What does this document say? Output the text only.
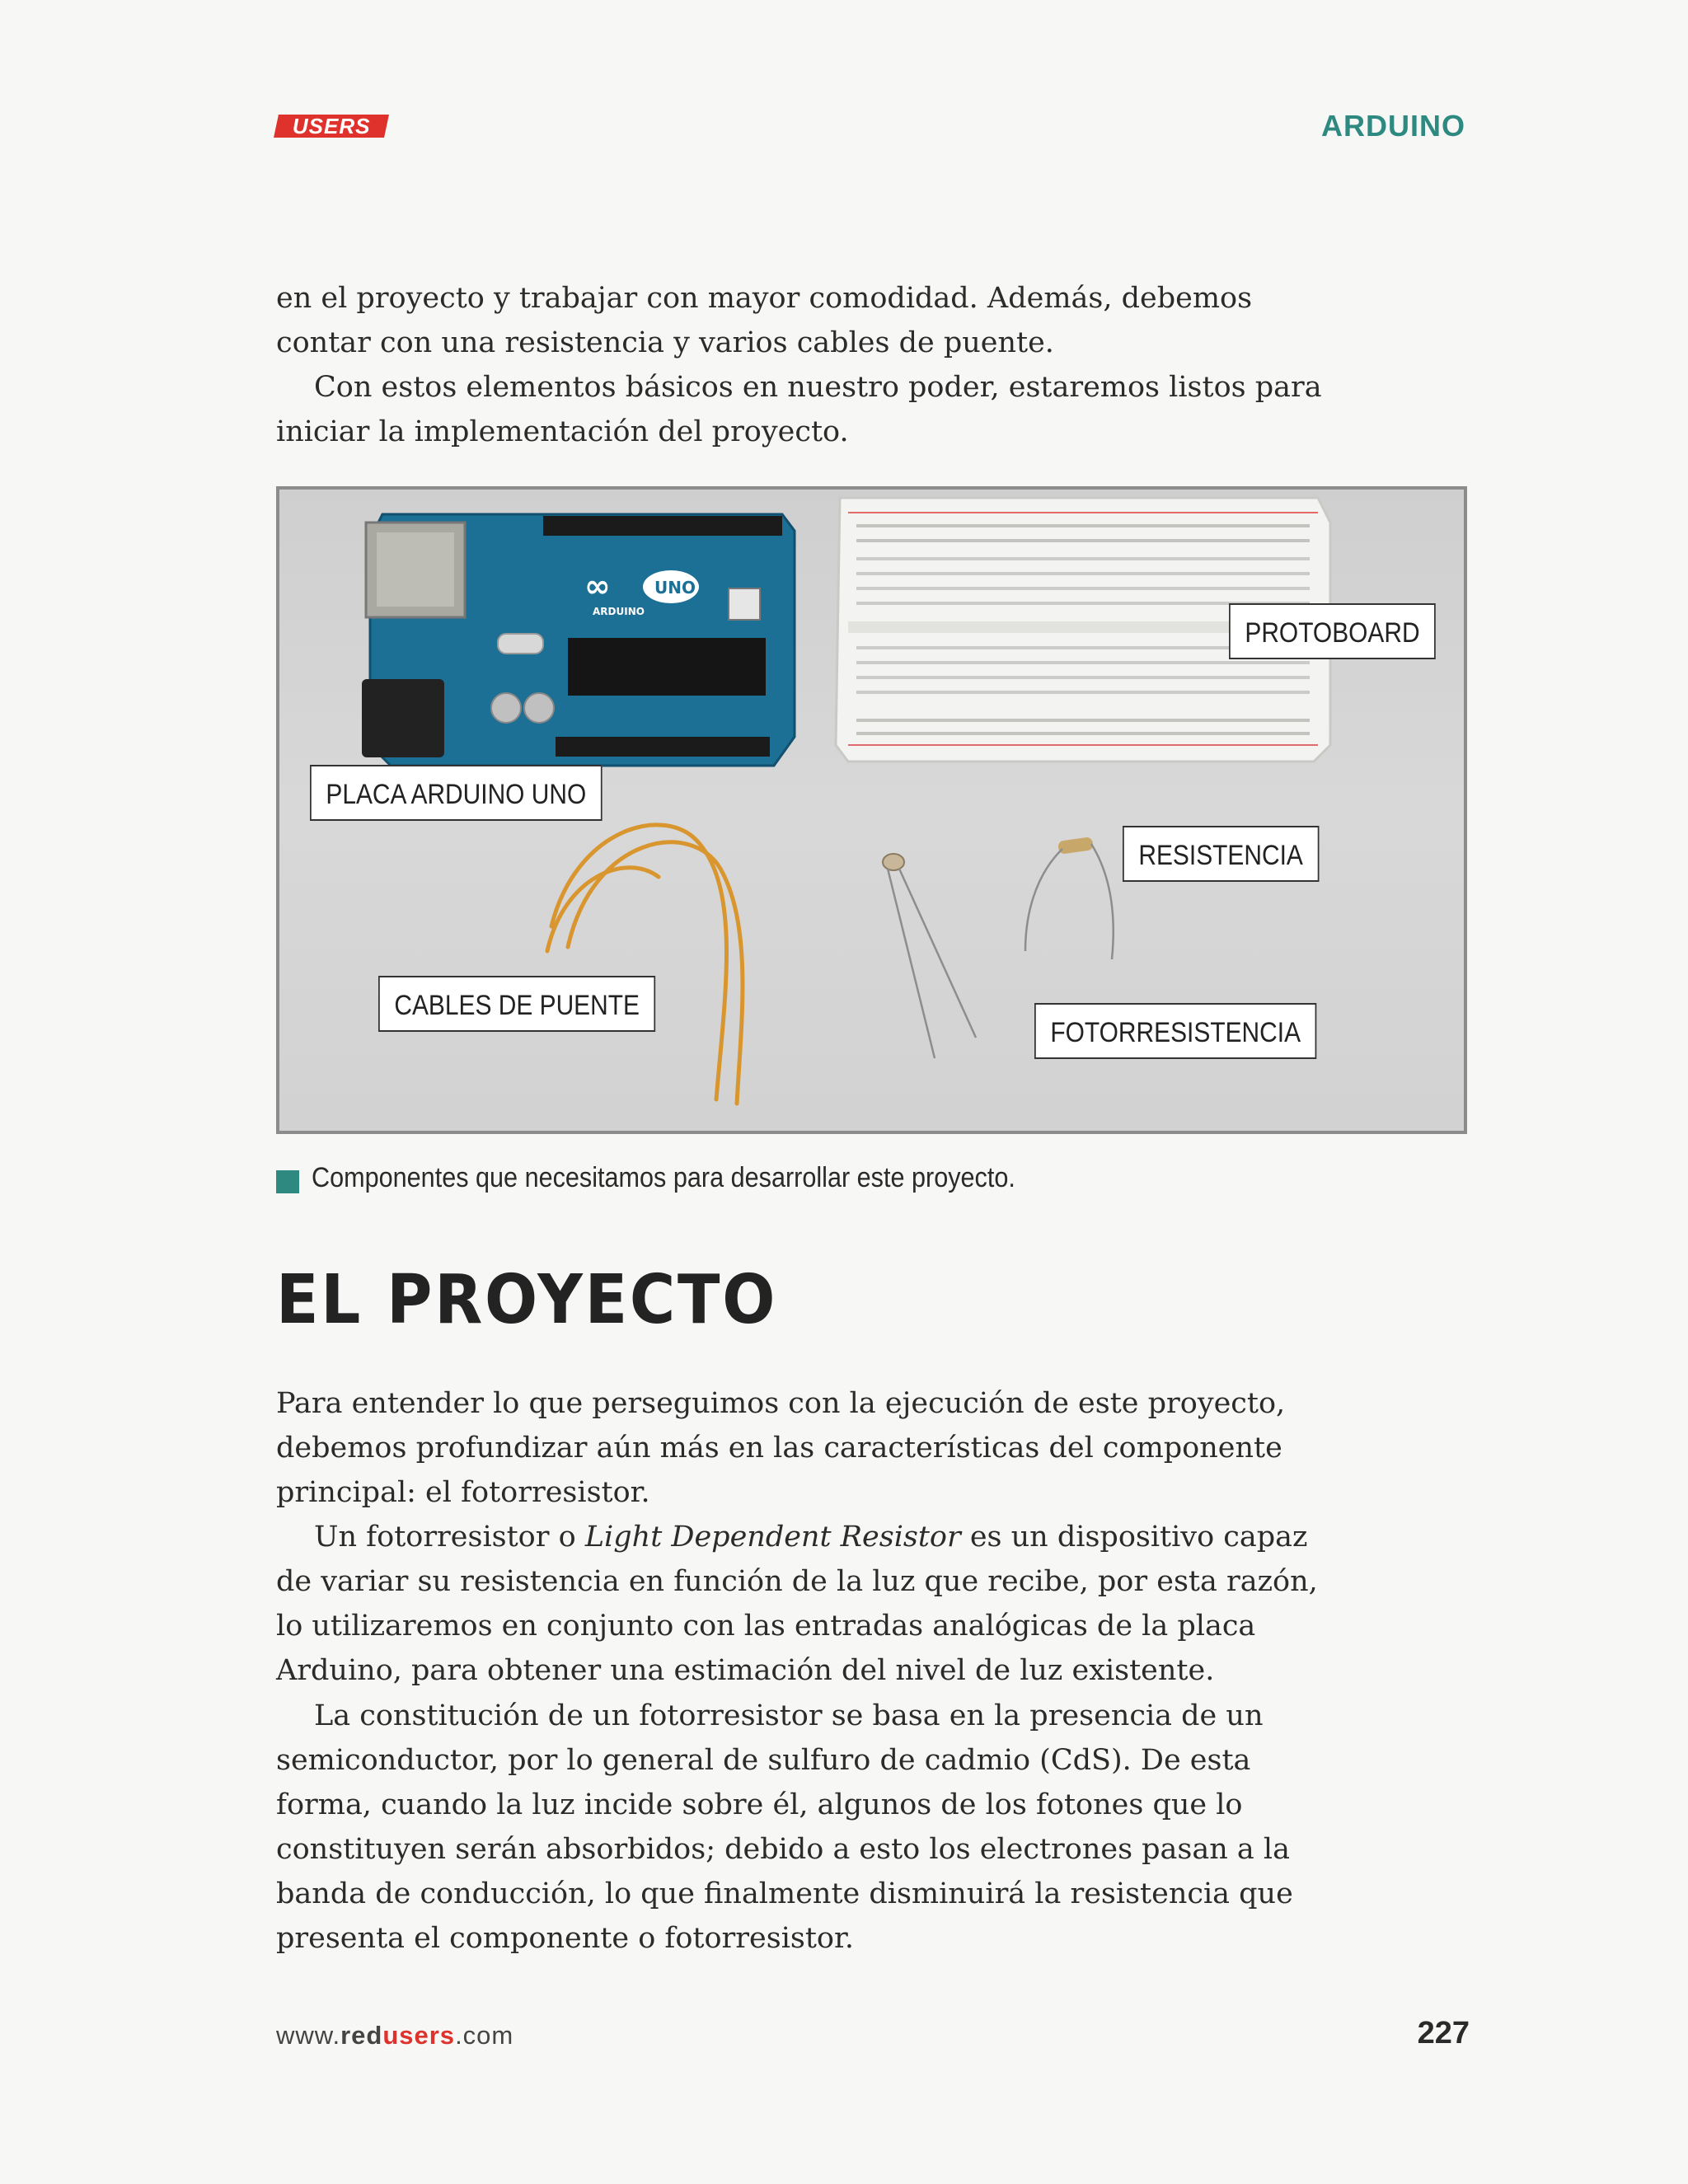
USERS	ARDUINO

en el proyecto y trabajar con mayor comodidad. Además, debemos contar con una resistencia y varios cables de puente.

Con estos elementos básicos en nuestro poder, estaremos listos para iniciar la implementación del proyecto.

∞	UNO
ARDUINO
PROTOBOARD
PLACA ARDUINO UNO
RESISTENCIA
CABLES DE PUENTE
FOTORRESISTENCIA
Componentes que necesitamos para desarrollar este proyecto.
EL PROYECTO

Para entender lo que perseguimos con la ejecución de este proyecto, debemos profundizar aún más en las características del componente principal: el fotorresistor.

Un fotorresistor o Light Dependent Resistor es un dispositivo capaz de variar su resistencia en función de la luz que recibe, por esta razón, lo utilizaremos en conjunto con las entradas analógicas de la placa Arduino, para obtener una estimación del nivel de luz existente.

La constitución de un fotorresistor se basa en la presencia de un semiconductor, por lo general de sulfuro de cadmio (CdS). De esta forma, cuando la luz incide sobre él, algunos de los fotones que lo constituyen serán absorbidos; debido a esto los electrones pasan a la banda de conducción, lo que finalmente disminuirá la resistencia que presenta el componente o fotorresistor.

www.redusers.com	227
